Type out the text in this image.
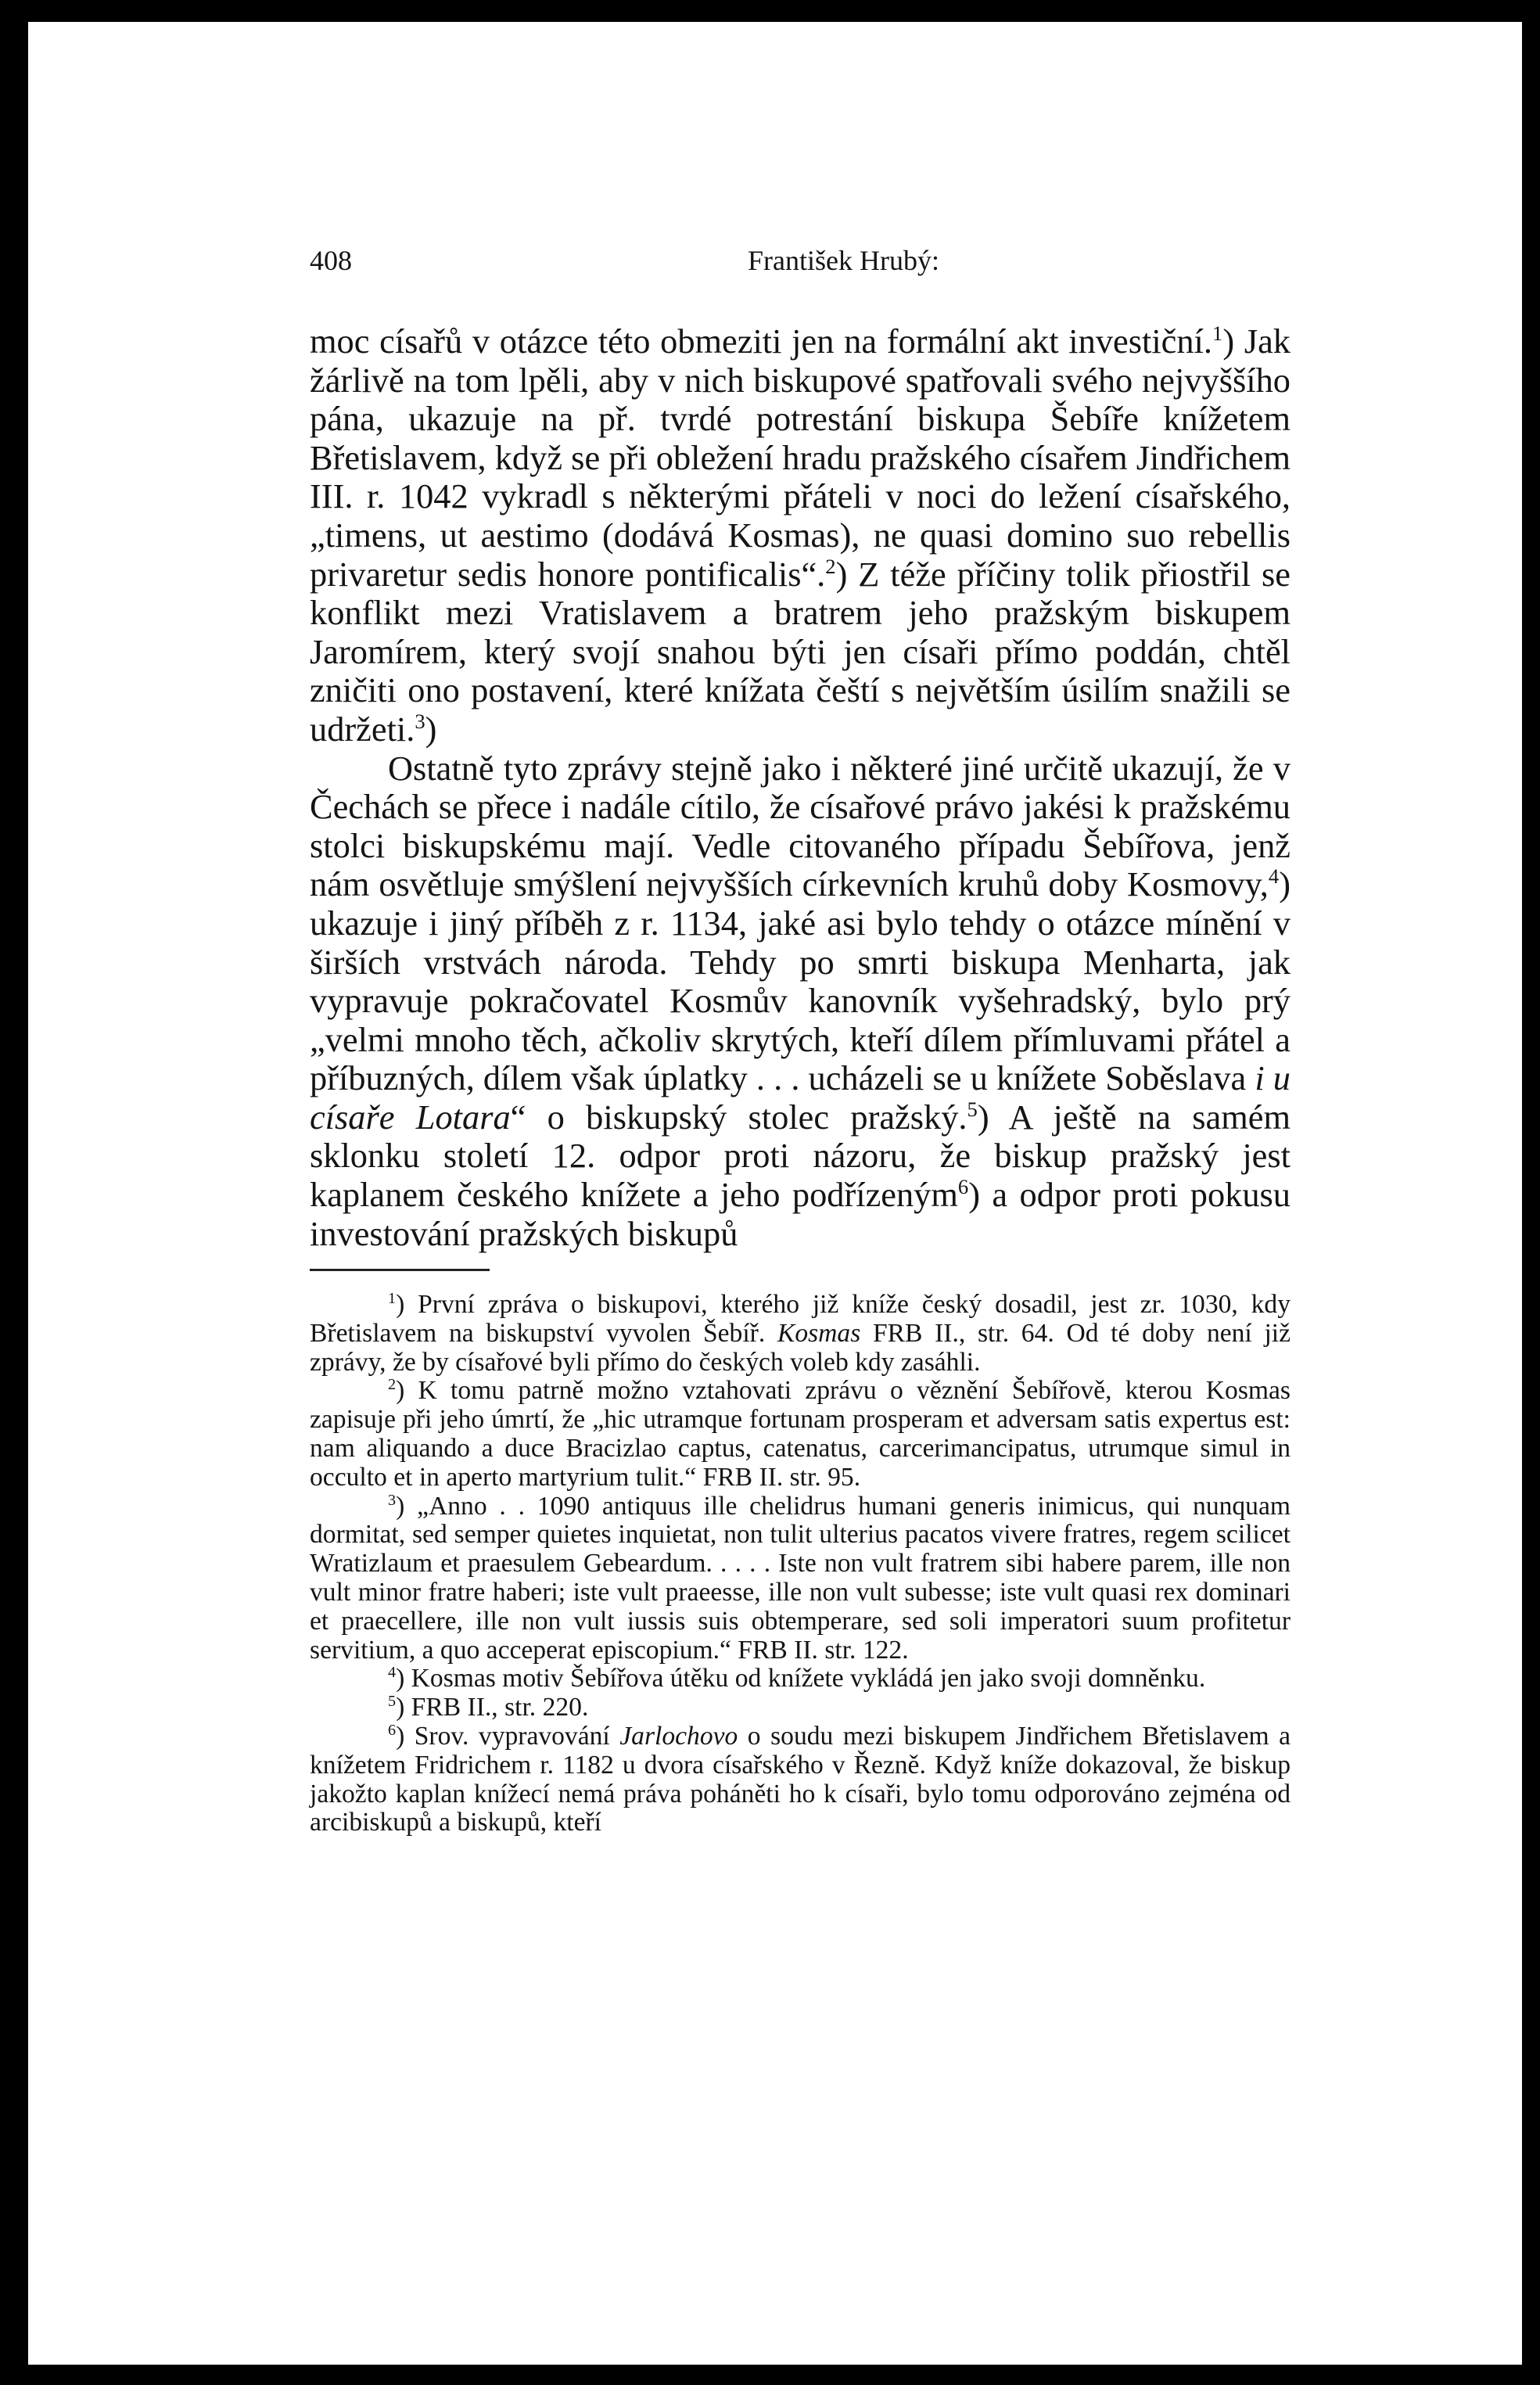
408	František Hrubý:

moc císařů v otázce této obmeziti jen na formální akt investiční.$^1$) Jak žárlivě na tom lpěli, aby v nich biskupové spatřovali svého nejvyššího pána, ukazuje na př. tvrdé potrestání biskupa Šebíře knížetem Břetislavem, když se při obležení hradu pražského císařem Jindřichem III. r. 1042 vykradl s některými přáteli v noci do ležení císařského, „timens, ut aestimo (dodává Kosmas), ne quasi domino suo rebellis privaretur sedis honore pontificalis“.$^2$) Z téže příčiny tolik přiostřil se konflikt mezi Vratislavem a bratrem jeho pražským biskupem Jaromírem, který svojí snahou býti jen císaři přímo poddán, chtěl zničiti ono postavení, které knížata čeští s největším úsilím snažili se udržeti.$^3$)

Ostatně tyto zprávy stejně jako i některé jiné určitě ukazují, že v Čechách se přece i nadále cítilo, že císařové právo jakési k pražskému stolci biskupskému mají. Vedle citovaného případu Šebířova, jenž nám osvětluje smýšlení nejvyšších církevních kruhů doby Kosmovy,$^4$) ukazuje i jiný příběh z r. 1134, jaké asi bylo tehdy o otázce mínění v širších vrstvách národa. Tehdy po smrti biskupa Menharta, jak vypravuje pokračovatel Kosmův kanovník vyšehradský, bylo prý „velmi mnoho těch, ačkoliv skrytých, kteří dílem přímluvami přátel a příbuzných, dílem však úplatky . . . ucházeli se u knížete Soběslava i u císaře Lotara“ o biskupský stolec pražský.$^5$) A ještě na samém sklonku století 12. odpor proti názoru, že biskup pražský jest kaplanem českého knížete a jeho podřízeným$^6$) a odpor proti pokusu investování pražských biskupů

$^1$) První zpráva o biskupovi, kterého již kníže český dosadil, jest zr. 1030, kdy Břetislavem na biskupství vyvolen Šebíř. Kosmas FRB II., str. 64. Od té doby není již zprávy, že by císařové byli přímo do českých voleb kdy zasáhli.

$^2$) K tomu patrně možno vztahovati zprávu o věznění Šebířově, kterou Kosmas zapisuje při jeho úmrtí, že „hic utramque fortunam prosperam et adversam satis expertus est: nam aliquando a duce Bracizlao captus, catenatus, carcerimancipatus, utrumque simul in occulto et in aperto martyrium tulit.“ FRB II. str. 95.

$^3$) „Anno . . 1090 antiquus ille chelidrus humani generis inimicus, qui nunquam dormitat, sed semper quietes inquietat, non tulit ulterius pacatos vivere fratres, regem scilicet Wratizlaum et praesulem Gebeardum. . . . . Iste non vult fratrem sibi habere parem, ille non vult minor fratre haberi; iste vult praeesse, ille non vult subesse; iste vult quasi rex dominari et praecellere, ille non vult iussis suis obtemperare, sed soli imperatori suum profitetur servitium, a quo acceperat episcopium.“ FRB II. str. 122.

$^4$) Kosmas motiv Šebířova útěku od knížete vykládá jen jako svoji domněnku.

$^5$) FRB II., str. 220.

$^6$) Srov. vypravování Jarlochovo o soudu mezi biskupem Jindřichem Břetislavem a knížetem Fridrichem r. 1182 u dvora císařského v Řezně. Když kníže dokazoval, že biskup jakožto kaplan knížecí nemá práva poháněti ho k císaři, bylo tomu odporováno zejména od arcibiskupů a biskupů, kteří
